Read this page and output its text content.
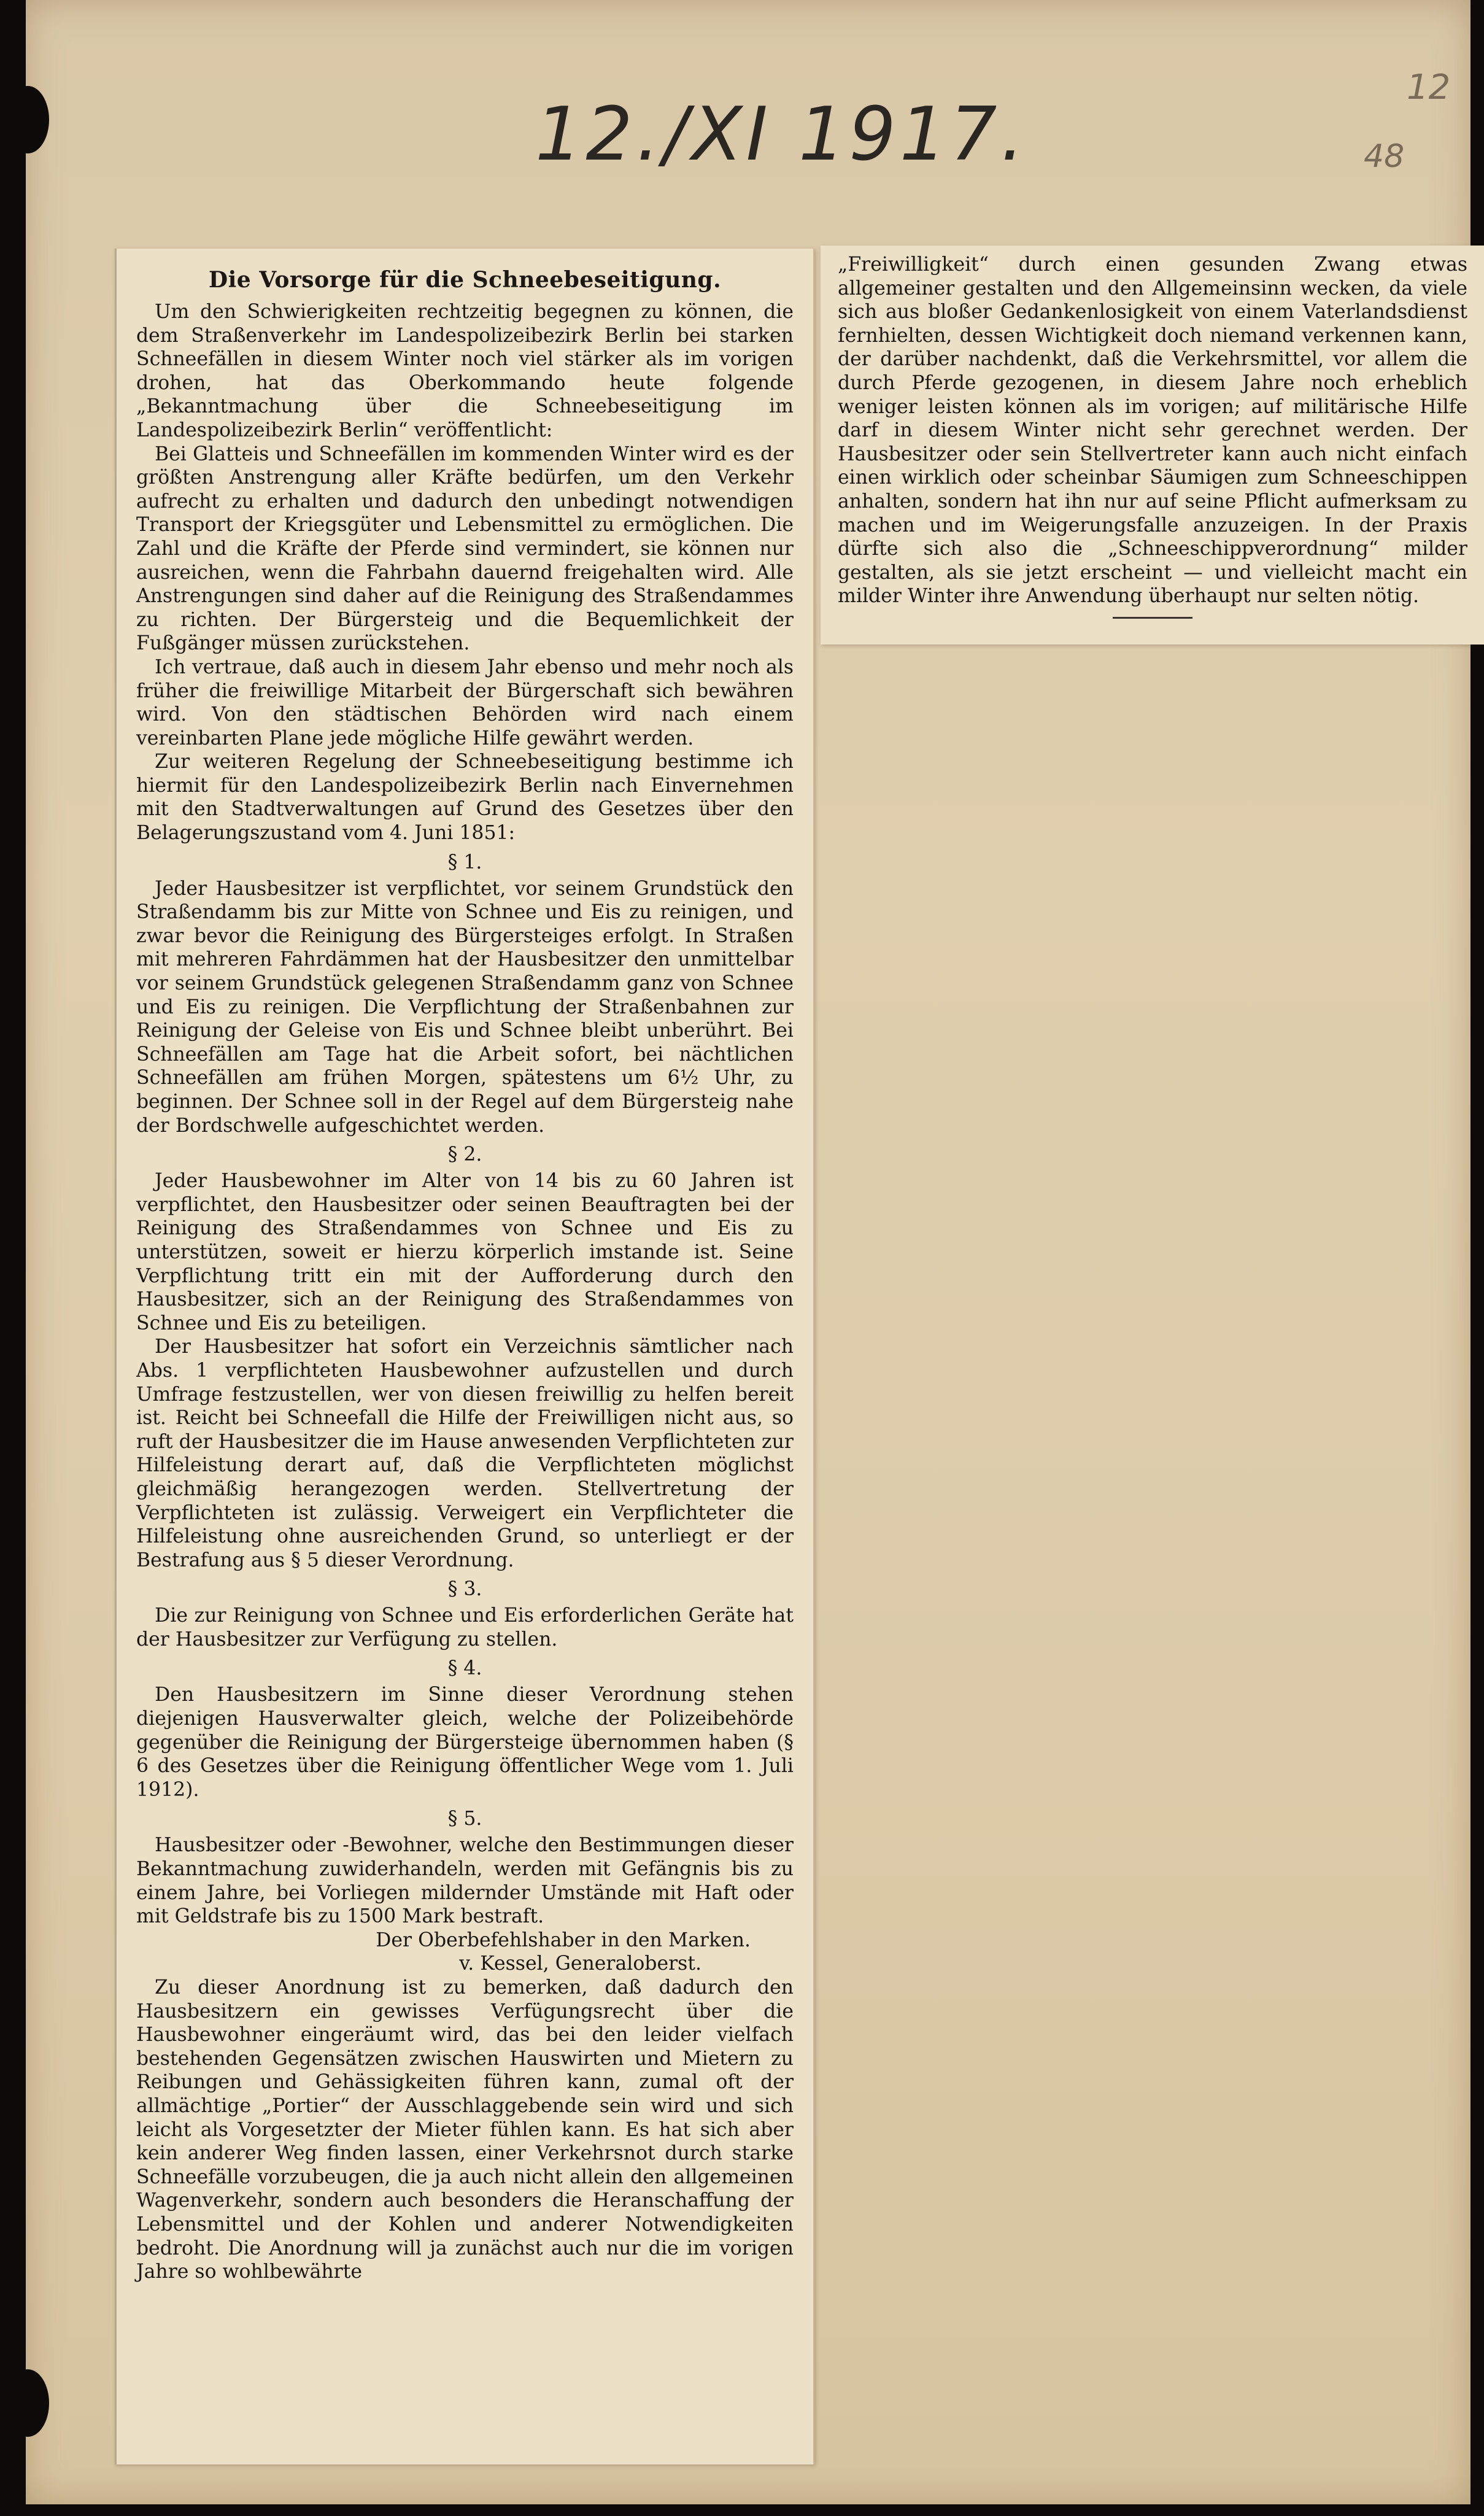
12./XI 1917.
12
48
Die Vorsorge für die Schneebeseitigung.

Um den Schwierigkeiten rechtzeitig begegnen zu können, die dem Straßenverkehr im Landespolizeibezirk Berlin bei starken Schneefällen in diesem Winter noch viel stärker als im vorigen drohen, hat das Oberkommando heute folgende „Bekanntmachung über die Schneebeseitigung im Landespolizeibezirk Berlin“ veröffentlicht:

Bei Glatteis und Schneefällen im kommenden Winter wird es der größten Anstrengung aller Kräfte bedürfen, um den Verkehr aufrecht zu erhalten und dadurch den unbedingt notwendigen Transport der Kriegsgüter und Lebensmittel zu ermöglichen. Die Zahl und die Kräfte der Pferde sind vermindert, sie können nur ausreichen, wenn die Fahrbahn dauernd freigehalten wird. Alle Anstrengungen sind daher auf die Reinigung des Straßendammes zu richten. Der Bürgersteig und die Bequemlichkeit der Fußgänger müssen zurückstehen.

Ich vertraue, daß auch in diesem Jahr ebenso und mehr noch als früher die freiwillige Mitarbeit der Bürgerschaft sich bewähren wird. Von den städtischen Behörden wird nach einem vereinbarten Plane jede mögliche Hilfe gewährt werden.

Zur weiteren Regelung der Schneebeseitigung bestimme ich hiermit für den Landespolizeibezirk Berlin nach Einvernehmen mit den Stadtverwaltungen auf Grund des Gesetzes über den Belagerungszustand vom 4. Juni 1851:

§ 1.

Jeder Hausbesitzer ist verpflichtet, vor seinem Grundstück den Straßendamm bis zur Mitte von Schnee und Eis zu reinigen, und zwar bevor die Reinigung des Bürgersteiges erfolgt. In Straßen mit mehreren Fahrdämmen hat der Hausbesitzer den unmittelbar vor seinem Grundstück gelegenen Straßendamm ganz von Schnee und Eis zu reinigen. Die Verpflichtung der Straßenbahnen zur Reinigung der Geleise von Eis und Schnee bleibt unberührt. Bei Schneefällen am Tage hat die Arbeit sofort, bei nächtlichen Schneefällen am frühen Morgen, spätestens um 6½ Uhr, zu beginnen. Der Schnee soll in der Regel auf dem Bürgersteig nahe der Bordschwelle aufgeschichtet werden.

§ 2.

Jeder Hausbewohner im Alter von 14 bis zu 60 Jahren ist verpflichtet, den Hausbesitzer oder seinen Beauftragten bei der Reinigung des Straßendammes von Schnee und Eis zu unterstützen, soweit er hierzu körperlich imstande ist. Seine Verpflichtung tritt ein mit der Aufforderung durch den Hausbesitzer, sich an der Reinigung des Straßendammes von Schnee und Eis zu beteiligen.

Der Hausbesitzer hat sofort ein Verzeichnis sämtlicher nach Abs. 1 verpflichteten Hausbewohner aufzustellen und durch Umfrage festzustellen, wer von diesen freiwillig zu helfen bereit ist. Reicht bei Schneefall die Hilfe der Freiwilligen nicht aus, so ruft der Hausbesitzer die im Hause anwesenden Verpflichteten zur Hilfeleistung derart auf, daß die Verpflichteten möglichst gleichmäßig herangezogen werden. Stellvertretung der Verpflichteten ist zulässig. Verweigert ein Verpflichteter die Hilfeleistung ohne ausreichenden Grund, so unterliegt er der Bestrafung aus § 5 dieser Verordnung.

§ 3.

Die zur Reinigung von Schnee und Eis erforderlichen Geräte hat der Hausbesitzer zur Verfügung zu stellen.

§ 4.

Den Hausbesitzern im Sinne dieser Verordnung stehen diejenigen Hausverwalter gleich, welche der Polizeibehörde gegenüber die Reinigung der Bürgersteige übernommen haben (§ 6 des Gesetzes über die Reinigung öffentlicher Wege vom 1. Juli 1912).

§ 5.

Hausbesitzer oder -Bewohner, welche den Bestimmungen dieser Bekanntmachung zuwiderhandeln, werden mit Gefängnis bis zu einem Jahre, bei Vorliegen mildernder Umstände mit Haft oder mit Geldstrafe bis zu 1500 Mark bestraft.

Der Oberbefehlshaber in den Marken.
v. Kessel, Generaloberst.

Zu dieser Anordnung ist zu bemerken, daß dadurch den Hausbesitzern ein gewisses Verfügungsrecht über die Hausbewohner eingeräumt wird, das bei den leider vielfach bestehenden Gegensätzen zwischen Hauswirten und Mietern zu Reibungen und Gehässigkeiten führen kann, zumal oft der allmächtige „Portier“ der Ausschlaggebende sein wird und sich leicht als Vorgesetzter der Mieter fühlen kann. Es hat sich aber kein anderer Weg finden lassen, einer Verkehrsnot durch starke Schneefälle vorzubeugen, die ja auch nicht allein den allgemeinen Wagenverkehr, sondern auch besonders die Heranschaffung der Lebensmittel und der Kohlen und anderer Notwendigkeiten bedroht. Die Anordnung will ja zunächst auch nur die im vorigen Jahre so wohlbewährte

„Freiwilligkeit“ durch einen gesunden Zwang etwas allgemeiner gestalten und den Allgemeinsinn wecken, da viele sich aus bloßer Gedankenlosigkeit von einem Vaterlandsdienst fernhielten, dessen Wichtigkeit doch niemand verkennen kann, der darüber nachdenkt, daß die Verkehrsmittel, vor allem die durch Pferde gezogenen, in diesem Jahre noch erheblich weniger leisten können als im vorigen; auf militärische Hilfe darf in diesem Winter nicht sehr gerechnet werden. Der Hausbesitzer oder sein Stellvertreter kann auch nicht einfach einen wirklich oder scheinbar Säumigen zum Schneeschippen anhalten, sondern hat ihn nur auf seine Pflicht aufmerksam zu machen und im Weigerungsfalle anzuzeigen. In der Praxis dürfte sich also die „Schneeschippverordnung“ milder gestalten, als sie jetzt erscheint — und vielleicht macht ein milder Winter ihre Anwendung überhaupt nur selten nötig.
